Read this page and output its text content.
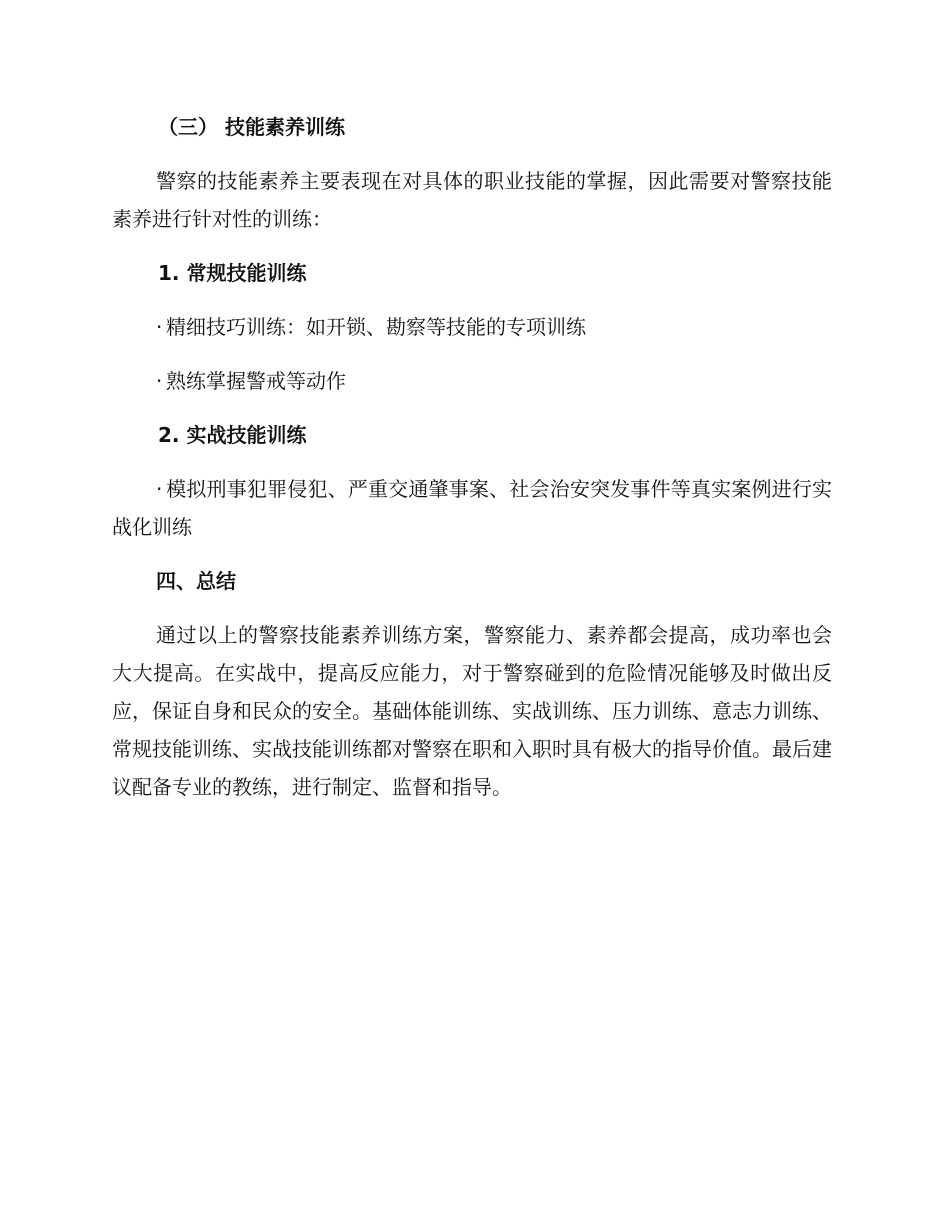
（三） 技能素养训练

警察的技能素养主要表现在对具体的职业技能的掌握，因此需要对警察技能素养进行针对性的训练：

1. 常规技能训练

· 精细技巧训练：如开锁、勘察等技能的专项训练

· 熟练掌握警戒等动作

2. 实战技能训练

· 模拟刑事犯罪侵犯、严重交通肇事案、社会治安突发事件等真实案例进行实战化训练

四、总结

通过以上的警察技能素养训练方案，警察能力、素养都会提高，成功率也会大大提高。在实战中，提高反应能力，对于警察碰到的危险情况能够及时做出反应，保证自身和民众的安全。基础体能训练、实战训练、压力训练、意志力训练、常规技能训练、实战技能训练都对警察在职和入职时具有极大的指导价值。最后建议配备专业的教练，进行制定、监督和指导。
